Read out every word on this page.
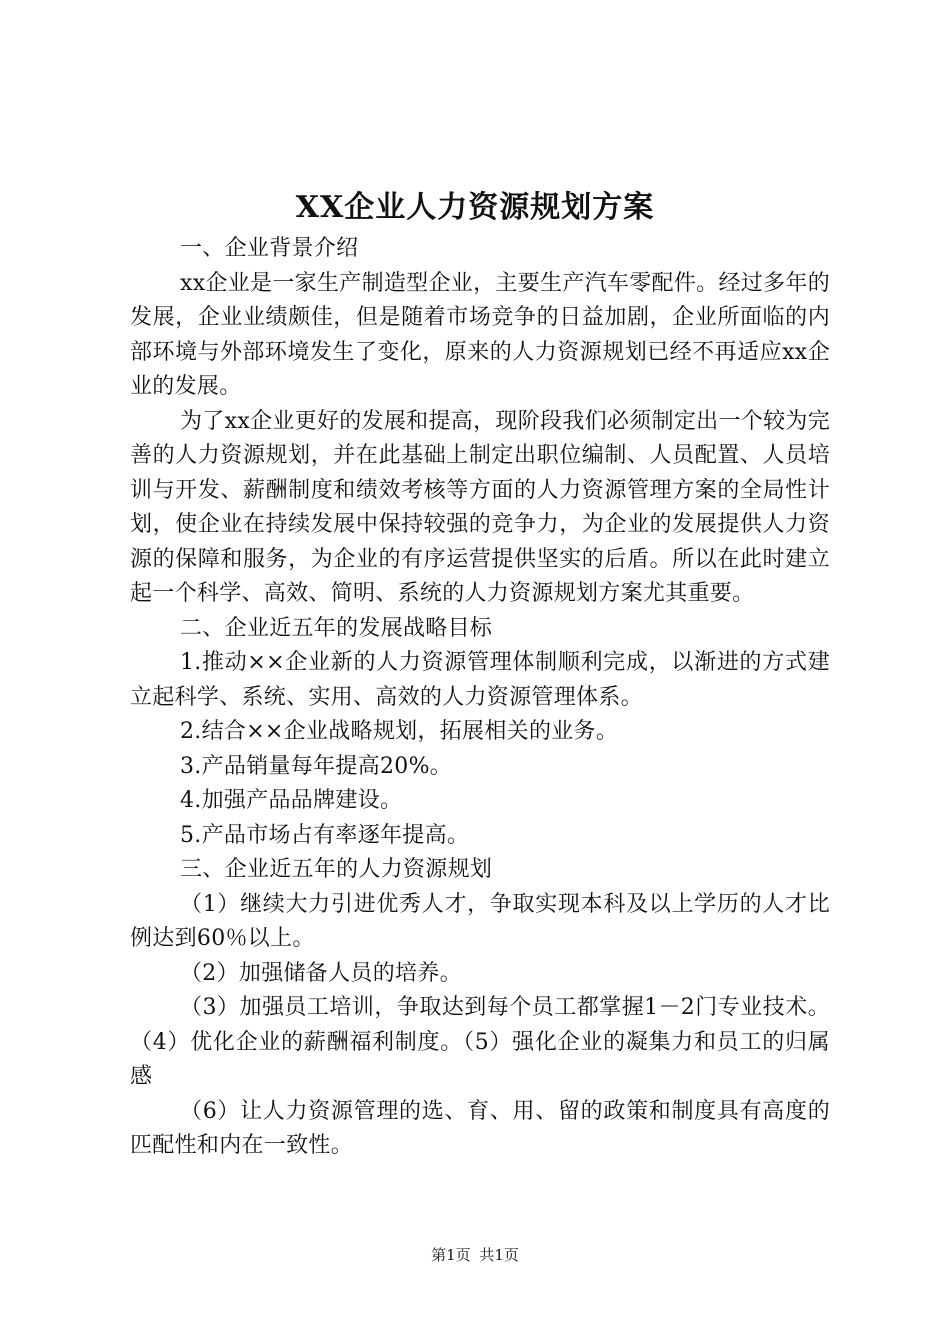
XX企业人力资源规划方案

一、企业背景介绍

xx企业是一家生产制造型企业，主要生产汽车零配件。经过多年的发展，企业业绩颇佳，但是随着市场竞争的日益加剧，企业所面临的内部环境与外部环境发生了变化，原来的人力资源规划已经不再适应xx企业的发展。

为了xx企业更好的发展和提高，现阶段我们必须制定出一个较为完善的人力资源规划，并在此基础上制定出职位编制、人员配置、人员培训与开发、薪酬制度和绩效考核等方面的人力资源管理方案的全局性计划，使企业在持续发展中保持较强的竞争力，为企业的发展提供人力资源的保障和服务，为企业的有序运营提供坚实的后盾。所以在此时建立起一个科学、高效、简明、系统的人力资源规划方案尤其重要。

二、企业近五年的发展战略目标

1.推动××企业新的人力资源管理体制顺利完成，以渐进的方式建立起科学、系统、实用、高效的人力资源管理体系。

2.结合××企业战略规划，拓展相关的业务。

3.产品销量每年提高20%。

4.加强产品品牌建设。

5.产品市场占有率逐年提高。

三、企业近五年的人力资源规划

（1）继续大力引进优秀人才，争取实现本科及以上学历的人才比例达到60％以上。

（2）加强储备人员的培养。

（3）加强员工培训，争取达到每个员工都掌握1－2门专业技术。（4）优化企业的薪酬福利制度。（5）强化企业的凝集力和员工的归属感

（6）让人力资源管理的选、育、用、留的政策和制度具有高度的匹配性和内在一致性。

第1页 共1页
